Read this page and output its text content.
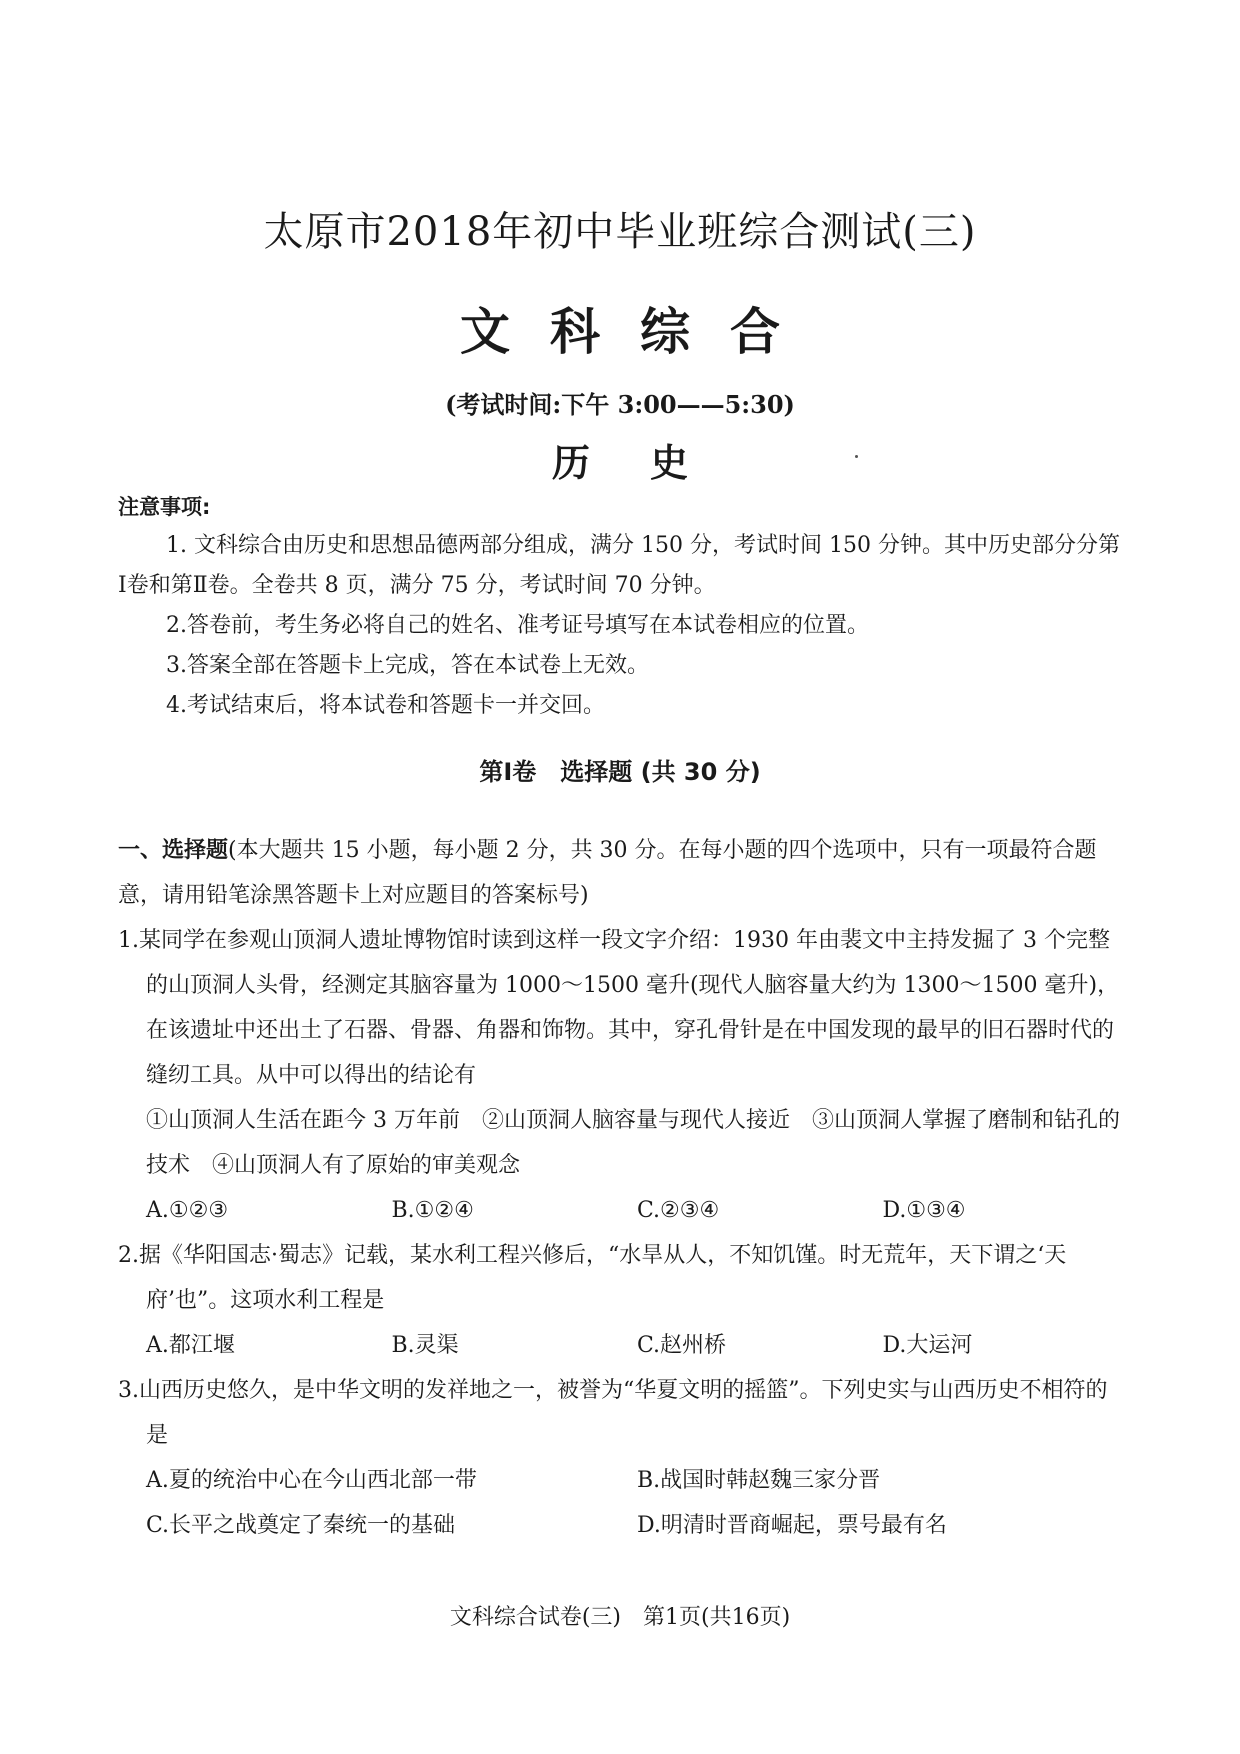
太原市2018年初中毕业班综合测试(三)
文科综合
(考试时间:下午 3:00——5:30)
历史
注意事项:
1. 文科综合由历史和思想品德两部分组成，满分 150 分，考试时间 150 分钟。其中历史部分分第Ⅰ卷和第Ⅱ卷。全卷共 8 页，满分 75 分，考试时间 70 分钟。
2.答卷前，考生务必将自己的姓名、准考证号填写在本试卷相应的位置。
3.答案全部在答题卡上完成，答在本试卷上无效。
4.考试结束后，将本试卷和答题卡一并交回。
第Ⅰ卷　选择题 (共 30 分)
一、选择题(本大题共 15 小题，每小题 2 分，共 30 分。在每小题的四个选项中，只有一项最符合题意，请用铅笔涂黑答题卡上对应题目的答案标号)
1.某同学在参观山顶洞人遗址博物馆时读到这样一段文字介绍：1930 年由裴文中主持发掘了 3 个完整的山顶洞人头骨，经测定其脑容量为 1000～1500 毫升(现代人脑容量大约为 1300～1500 毫升)，在该遗址中还出土了石器、骨器、角器和饰物。其中，穿孔骨针是在中国发现的最早的旧石器时代的缝纫工具。从中可以得出的结论有
①山顶洞人生活在距今 3 万年前　②山顶洞人脑容量与现代人接近　③山顶洞人掌握了磨制和钻孔的技术　④山顶洞人有了原始的审美观念
A.①②③	B.①②④	C.②③④	D.①③④
2.据《华阳国志·蜀志》记载，某水利工程兴修后，“水旱从人，不知饥馑。时无荒年，天下谓之‘天府’也”。这项水利工程是
A.都江堰	B.灵渠	C.赵州桥	D.大运河
3.山西历史悠久，是中华文明的发祥地之一，被誉为“华夏文明的摇篮”。下列史实与山西历史不相符的是
A.夏的统治中心在今山西北部一带	B.战国时韩赵魏三家分晋
C.长平之战奠定了秦统一的基础	D.明清时晋商崛起，票号最有名
文科综合试卷(三)　第1页(共16页)
